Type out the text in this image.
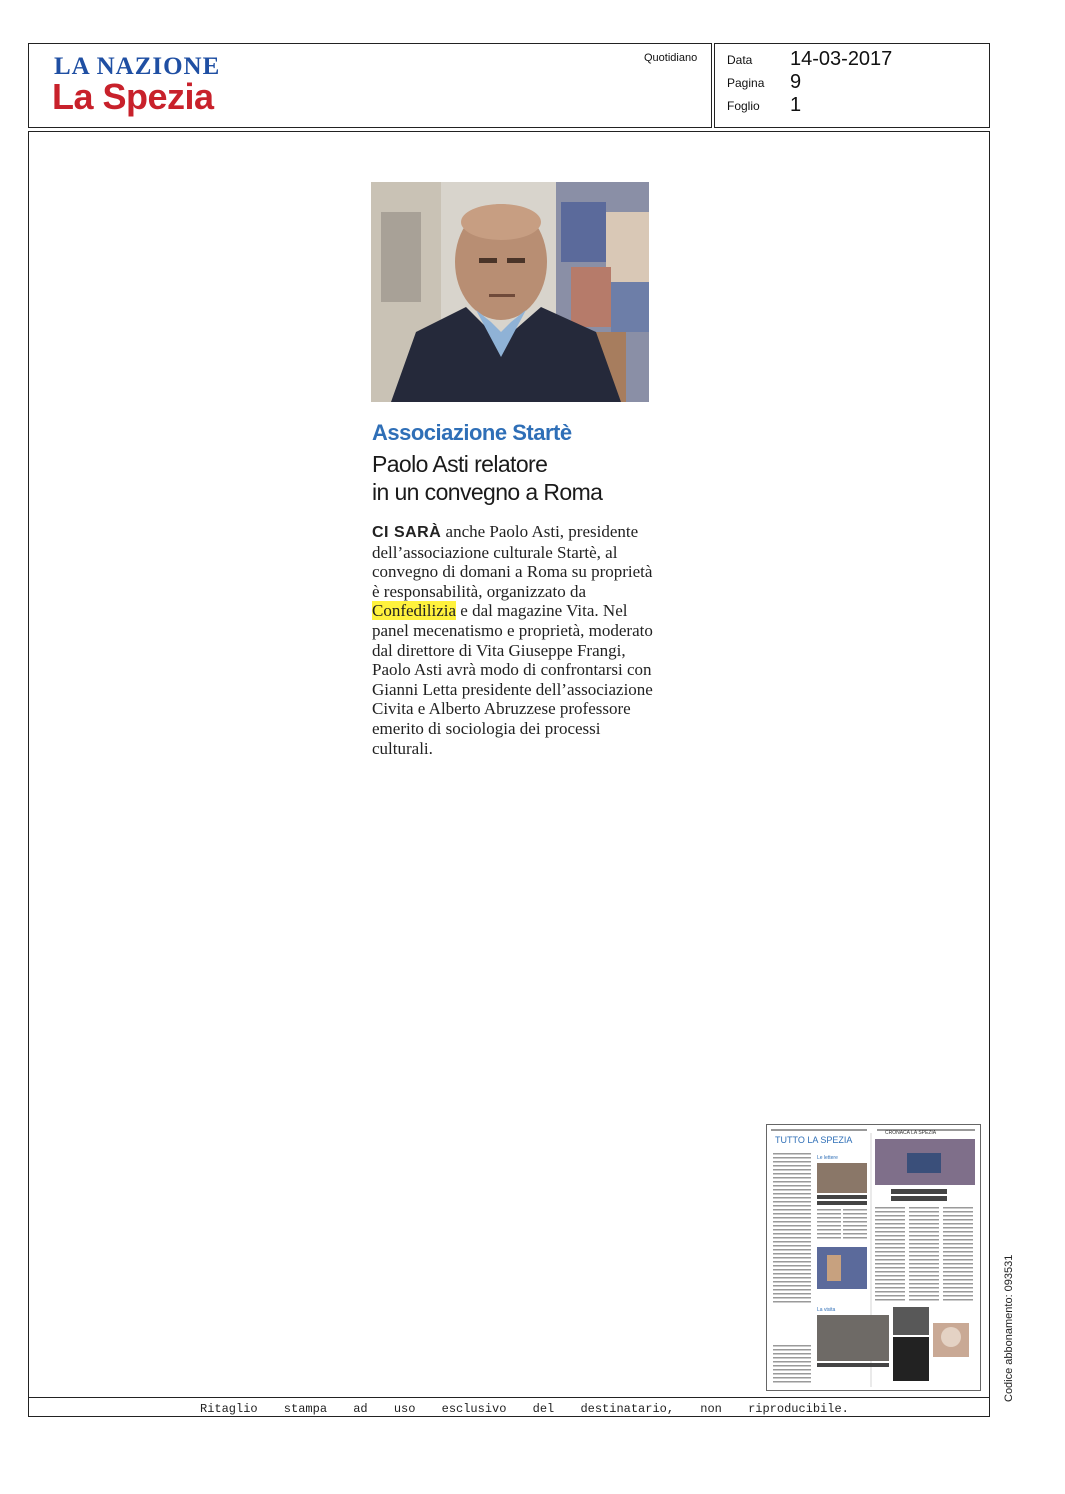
LA NAZIONE
La Spezia
Quotidiano Data 14-03-2017
Pagina 9
Foglio 1
Associazione Startè
Paolo Asti relatore
in un convegno a Roma
CI SARÀ anche Paolo Asti, presidente dell’associazione culturale Startè, al convegno di domani a Roma su proprietà è responsabilità, organizzato da Confedilizia e dal magazine Vita. Nel panel mecenatismo e proprietà, moderato dal direttore di Vita Giuseppe Frangi, Paolo Asti avrà modo di confrontarsi con Gianni Letta presidente dell’associazione Civita e Alberto Abruzzese professore emerito di sociologia dei processi culturali.
TUTTO LA SPEZIA
CRONACA LA SPEZIA
Le lettere
La visita	Codice abbonamento: 093531
Ritaglio stampa ad uso esclusivo del destinatario, non riproducibile.
